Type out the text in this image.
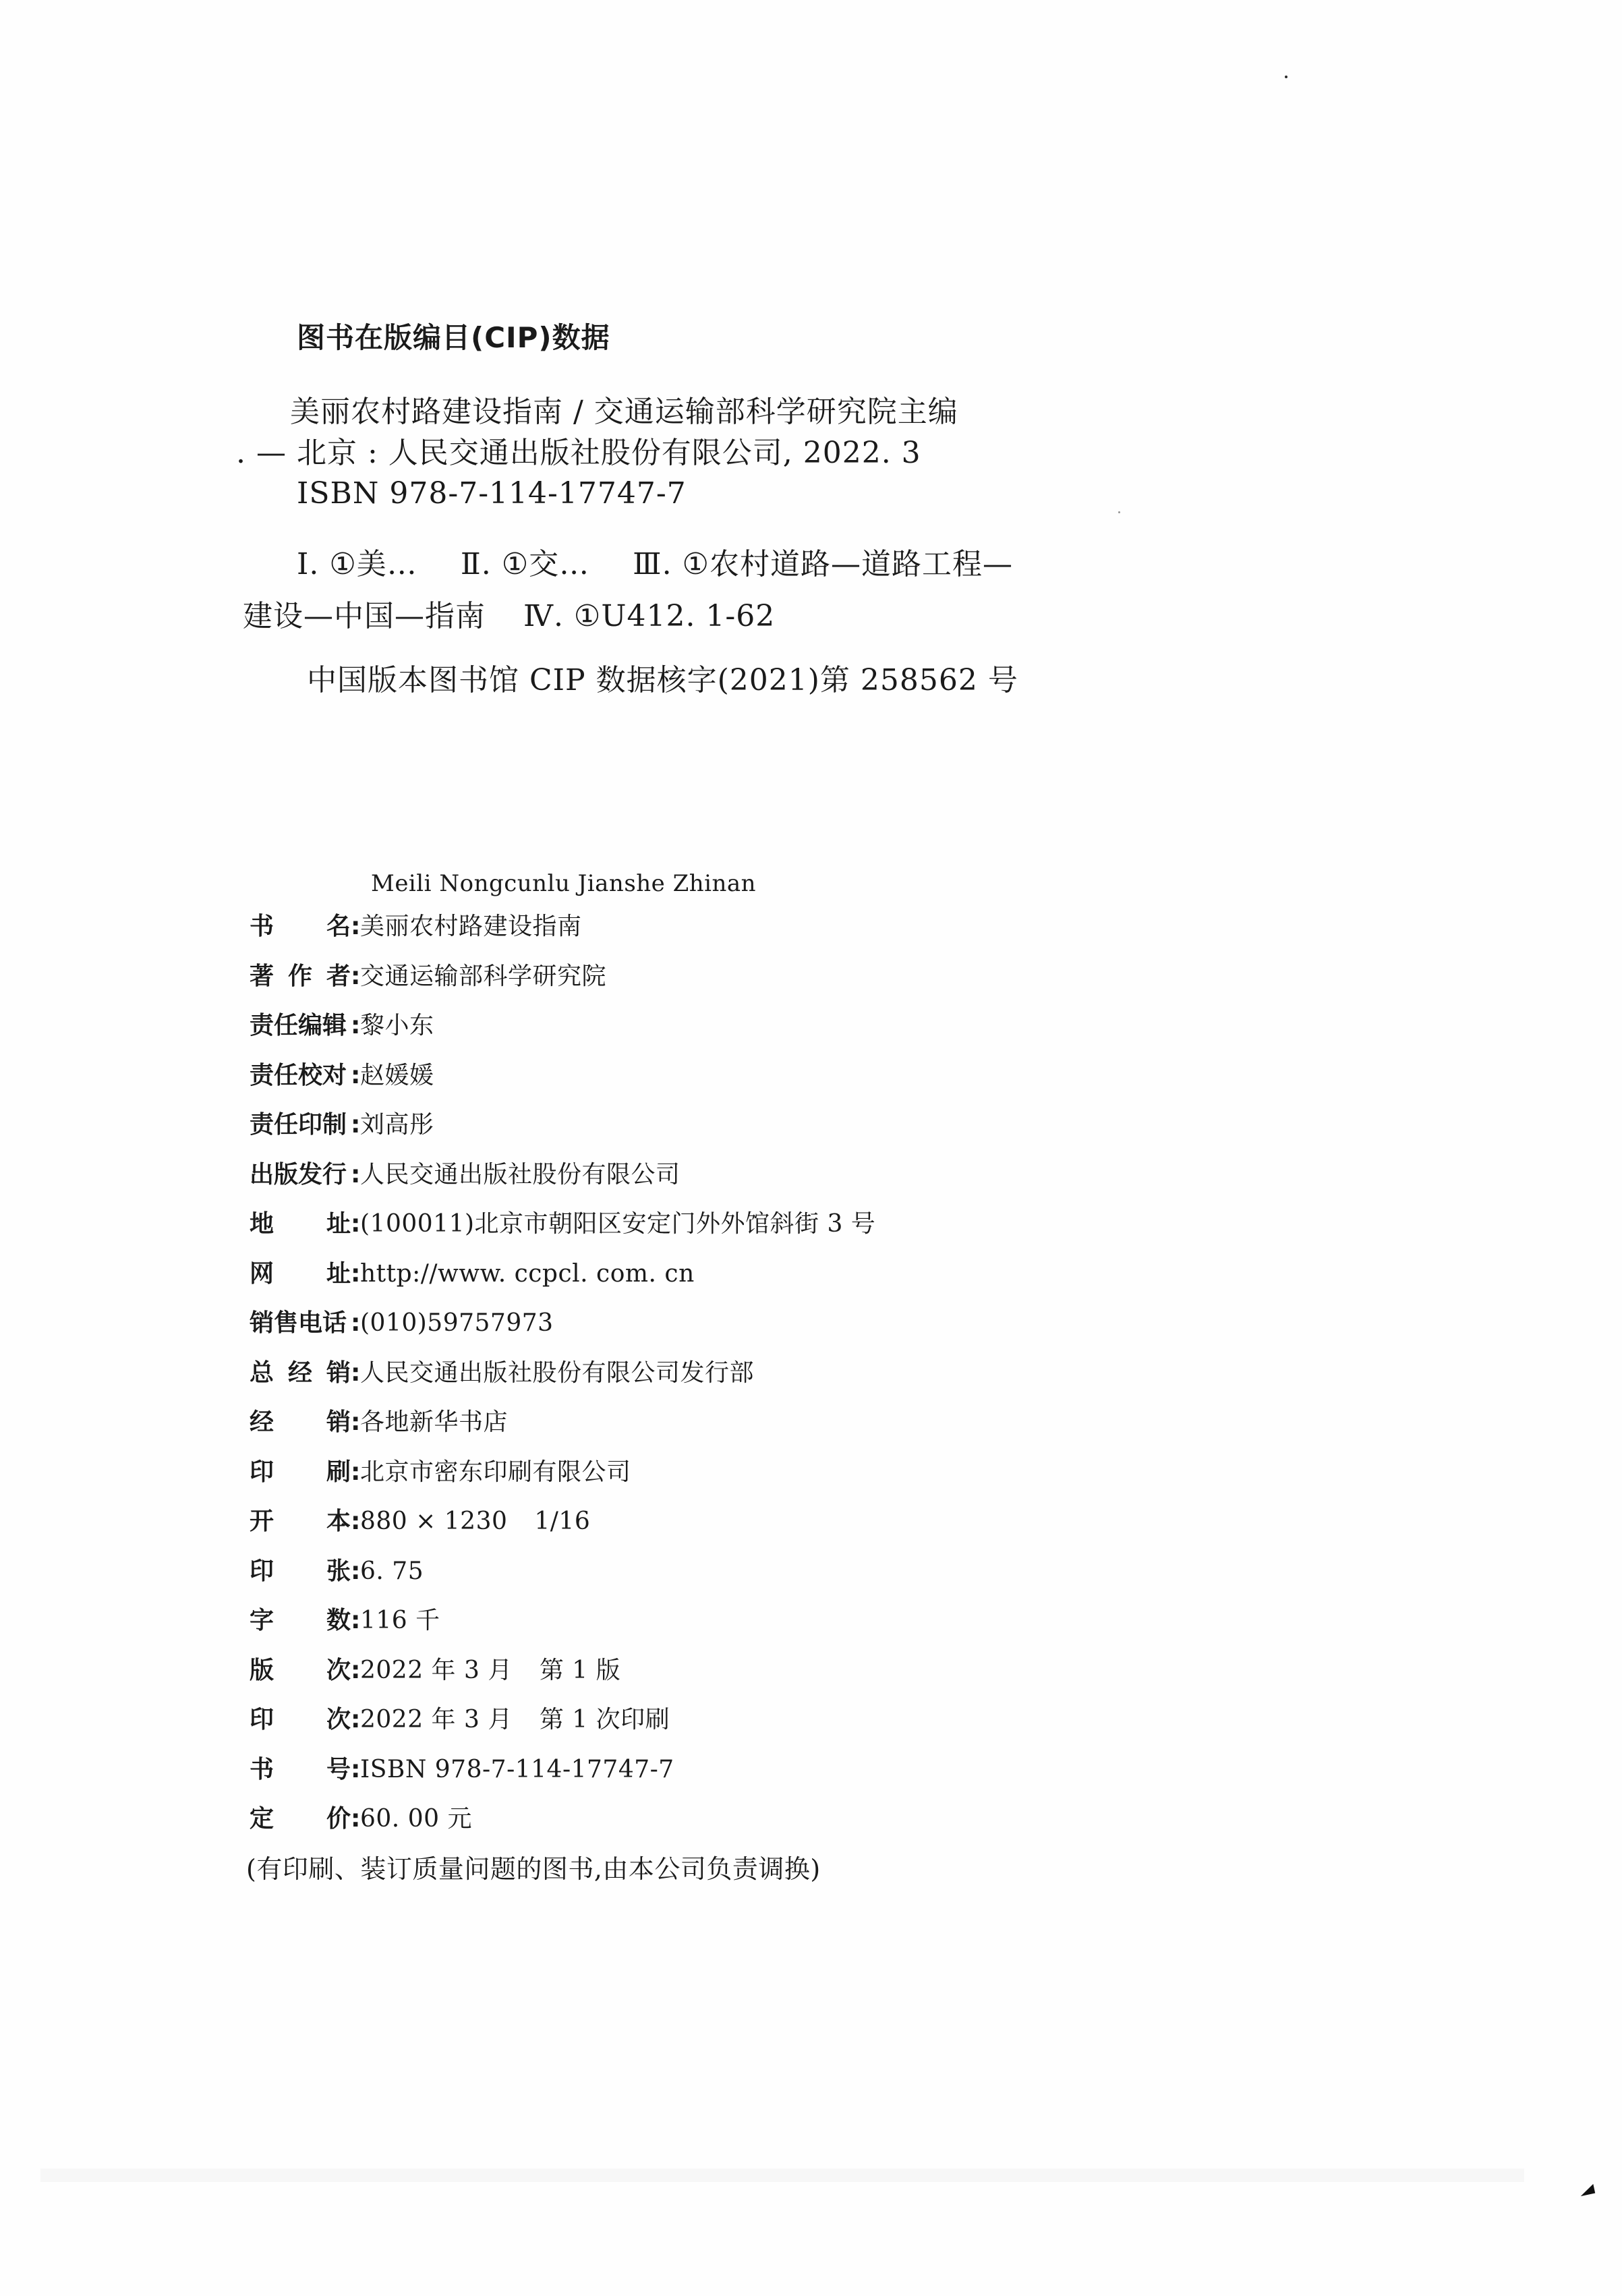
图书在版编目(CIP)数据
美丽农村路建设指南 / 交通运输部科学研究院主编
. — 北京 : 人民交通出版社股份有限公司, 2022. 3
ISBN 978-7-114-17747-7
Ⅰ. ①美… Ⅱ. ①交… Ⅲ. ①农村道路—道路工程—
建设—中国—指南 Ⅳ. ①U412. 1-62
中国版本图书馆 CIP 数据核字(2021)第 258562 号
Meili Nongcunlu Jianshe Zhinan
书 名 : 美丽农村路建设指南
著 作 者 : 交通运输部科学研究院
责任编辑 : 黎小东
责任校对 : 赵媛媛
责任印制 : 刘高彤
出版发行 : 人民交通出版社股份有限公司
地 址 : (100011)北京市朝阳区安定门外外馆斜街 3 号
网 址 : http://www. ccpcl. com. cn
销售电话 : (010)59757973
总 经 销 : 人民交通出版社股份有限公司发行部
经 销 : 各地新华书店
印 刷 : 北京市密东印刷有限公司
开 本 : 880 × 1230 1/16
印 张 : 6. 75
字 数 : 116 千
版 次 : 2022 年 3 月 第 1 版
印 次 : 2022 年 3 月 第 1 次印刷
书 号 : ISBN 978-7-114-17747-7
定 价 : 60. 00 元
(有印刷、装订质量问题的图书,由本公司负责调换)
